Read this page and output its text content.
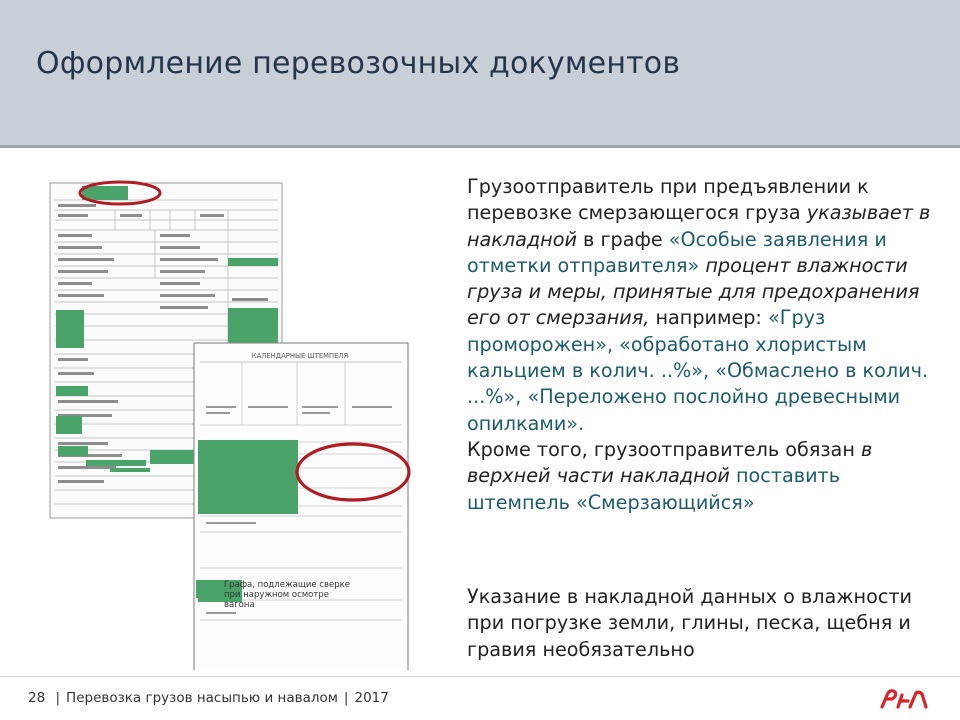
Оформление перевозочных документов
КАЛЕНДАРНЫЕ ШТЕМПЕЛЯ
Графа, подлежащие сверке при наружном осмотре вагона

Грузоотправитель при предъявлении к перевозке смерзающегося груза указывает в накладной в графе «Особые заявления и отметки отправителя» процент влажности груза и меры, принятые для предохранения его от смерзания, например: «Груз проморожен», «обработано хлористым кальцием в колич. ..%», «Обмаслено в колич. ...%», «Переложено послойно древесными опилками».

Кроме того, грузоотправитель обязан в верхней части накладной поставить штемпель «Смерзающийся»

Указание в накладной данных о влажности при погрузке земли, глины, песка, щебня и гравия необязательно
28 | Перевозка грузов насыпью и навалом | 2017
